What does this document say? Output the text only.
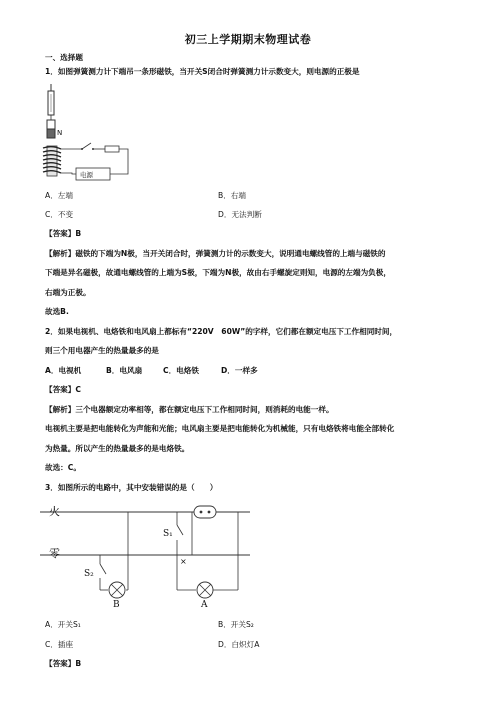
初三上学期期末物理试卷
一、选择题
1．如图弹簧测力计下端吊一条形磁铁，当开关S闭合时弹簧测力计示数变大，则电源的正极是
N
电源
A．左端	B．右端
C．不变	D．无法判断
【答案】B
【解析】磁铁的下端为N极，当开关闭合时，弹簧测力计的示数变大，说明通电螺线管的上端与磁铁的
下端是异名磁极，故通电螺线管的上端为S极，下端为N极，故由右手螺旋定则知，电源的左端为负极，
右端为正极。
故选B.
2．如果电视机、电烙铁和电风扇上都标有“220V　60W”的字样，它们都在额定电压下工作相同时间，
则三个用电器产生的热量最多的是
A．电视机	B．电风扇	C．电烙铁	D．一样多
【答案】C
【解析】三个电器额定功率相等，都在额定电压下工作相同时间，则消耗的电能一样。
电视机主要是把电能转化为声能和光能；电风扇主要是把电能转化为机械能，只有电烙铁将电能全部转化
为热量。所以产生的热量最多的是电烙铁。
故选：C。
3．如图所示的电路中，其中安装错误的是（　　）
火
零
S₁
S₂
×
B	A
A．开关S₁	B．开关S₂
C．插座	D．白炽灯A
【答案】B
